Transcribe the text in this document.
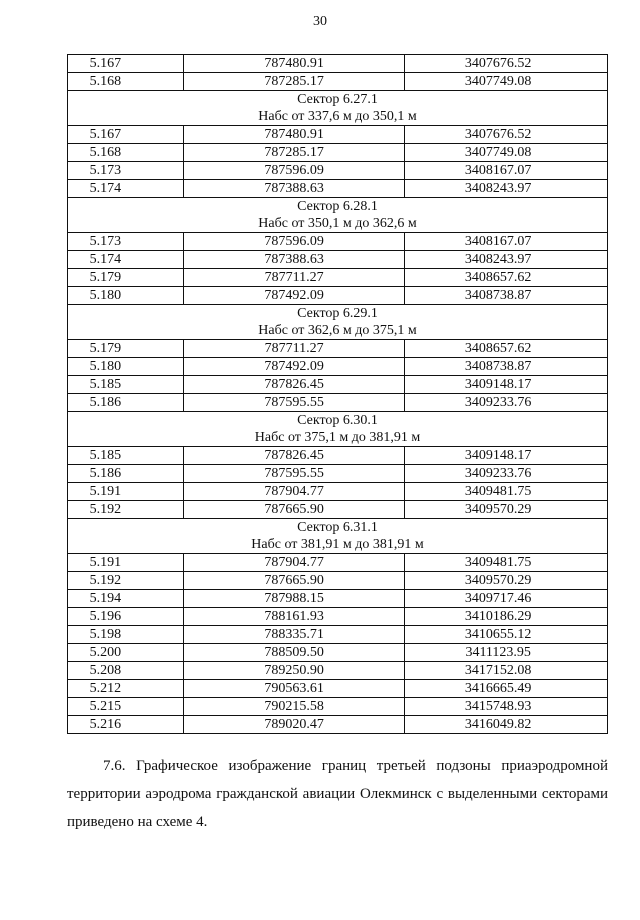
30
5.167	787480.91	3407676.52
5.168	787285.17	3407749.08
Сектор 6.27.1		
Набс от 337,6 м до 350,1 м		
5.167	787480.91	3407676.52
5.168	787285.17	3407749.08
5.173	787596.09	3408167.07
5.174	787388.63	3408243.97
Сектор 6.28.1		
Набс от 350,1 м до 362,6 м		
5.173	787596.09	3408167.07
5.174	787388.63	3408243.97
5.179	787711.27	3408657.62
5.180	787492.09	3408738.87
Сектор 6.29.1		
Набс от 362,6 м до 375,1 м		
5.179	787711.27	3408657.62
5.180	787492.09	3408738.87
5.185	787826.45	3409148.17
5.186	787595.55	3409233.76
Сектор 6.30.1		
Набс от 375,1 м до 381,91 м		
5.185	787826.45	3409148.17
5.186	787595.55	3409233.76
5.191	787904.77	3409481.75
5.192	787665.90	3409570.29
Сектор 6.31.1		
Набс от 381,91 м до 381,91 м		
5.191	787904.77	3409481.75
5.192	787665.90	3409570.29
5.194	787988.15	3409717.46
5.196	788161.93	3410186.29
5.198	788335.71	3410655.12
5.200	788509.50	3411123.95
5.208	789250.90	3417152.08
5.212	790563.61	3416665.49
5.215	790215.58	3415748.93
5.216	789020.47	3416049.82
7.6. Графическое изображение границ третьей подзоны приаэродромной территории аэродрома гражданской авиации Олекминск с выделенными секторами приведено на схеме 4.
